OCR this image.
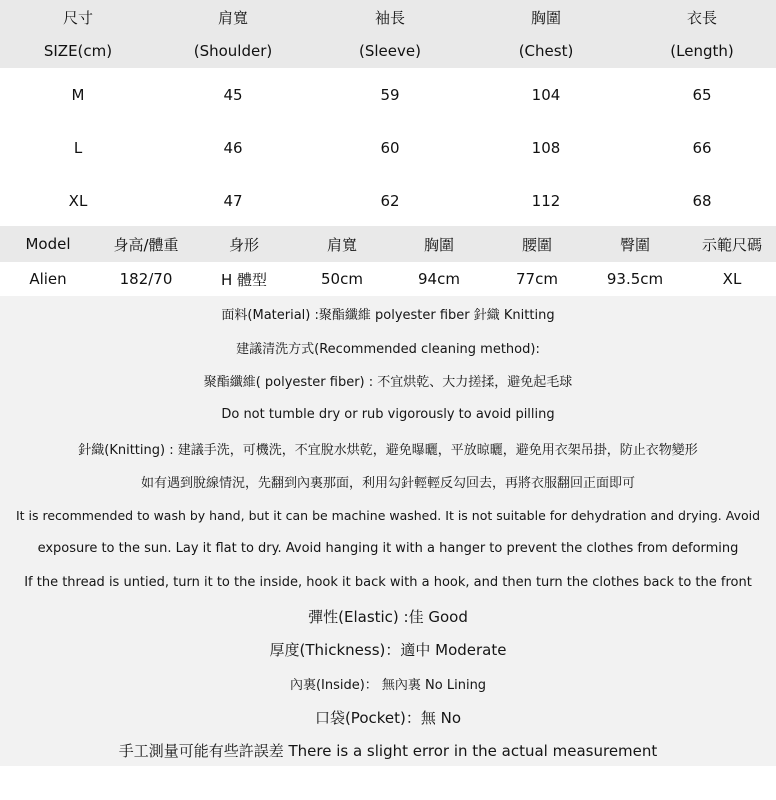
尺寸	肩寬	袖長	胸圍	衣長
SIZE(cm)	(Shoulder)	(Sleeve)	(Chest)	(Length)
M	45	59	104	65
L	46	60	108	66
XL	47	62	112	68
Model	身高/體重	身形	肩寬	胸圍	腰圍	臀圍	示範尺碼
Alien	182/70	H 體型	50cm	94cm	77cm	93.5cm	XL
面料(Material) :聚酯纖維 polyester fiber 針織 Knitting
建議清洗方式(Recommended cleaning method):
聚酯纖維( polyester fiber) : 不宜烘乾、大力搓揉，避免起毛球
Do not tumble dry or rub vigorously to avoid pilling
針織(Knitting) : 建議手洗，可機洗，不宜脫水烘乾，避免曝曬，平放晾曬，避免用衣架吊掛，防止衣物變形
如有遇到脫線情況，先翻到內裏那面，利用勾針輕輕反勾回去，再將衣服翻回正面即可
It is recommended to wash by hand, but it can be machine washed. It is not suitable for dehydration and drying. Avoid
exposure to the sun. Lay it flat to dry. Avoid hanging it with a hanger to prevent the clothes from deforming
If the thread is untied, turn it to the inside, hook it back with a hook, and then turn the clothes back to the front
彈性(Elastic) :佳 Good
厚度(Thickness)：適中 Moderate
內裏(Inside)： 無內裏 No Lining
口袋(Pocket)：無 No
手工測量可能有些許誤差 There is a slight error in the actual measurement
